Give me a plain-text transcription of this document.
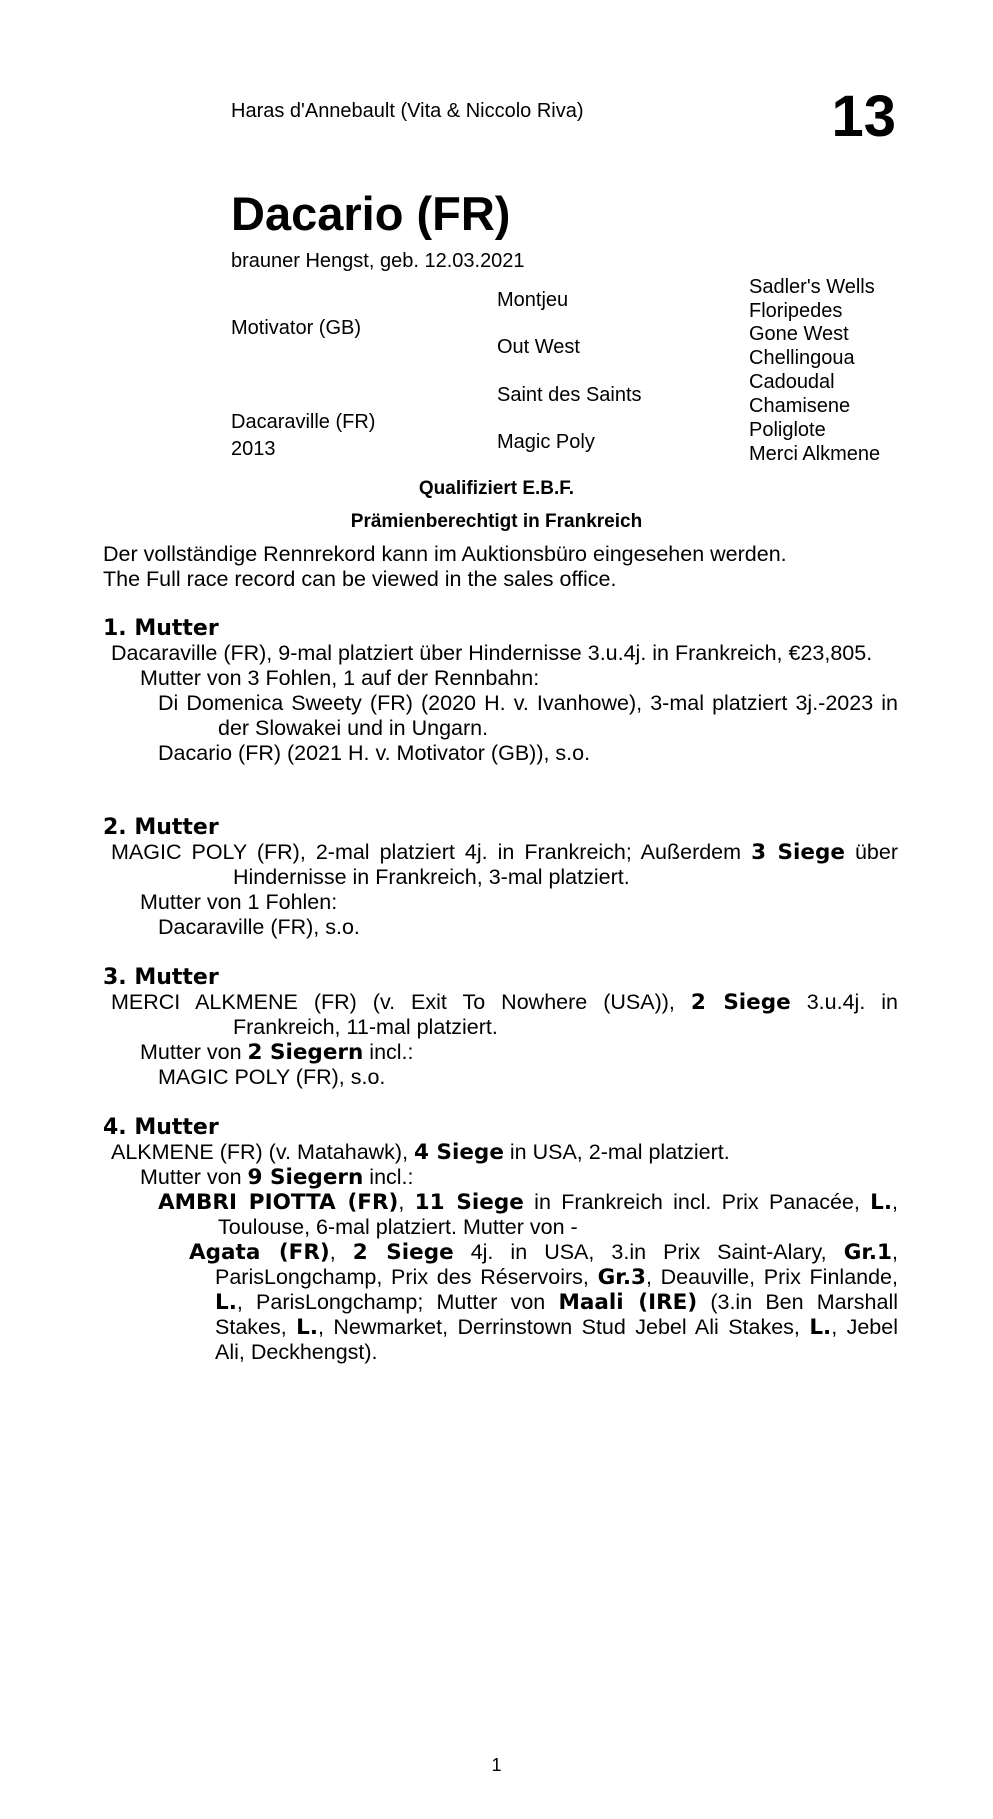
Haras d'Annebault (Vita & Niccolo Riva)	13
Dacario (FR)
brauner Hengst, geb. 12.03.2021
Motivator (GB)
Dacaraville (FR)
2013
Montjeu
Out West
Saint des Saints
Magic Poly
Sadler's Wells
Floripedes
Gone West
Chellingoua
Cadoudal
Chamisene
Poliglote
Merci Alkmene
Qualifiziert E.B.F.
Prämienberechtigt in Frankreich

Der vollständige Rennrekord kann im Auktionsbüro eingesehen werden.

The Full race record can be viewed in the sales office.

1. Mutter

Dacaraville (FR), 9-mal platziert über Hindernisse 3.u.4j. in Frankreich, €23,805.

Mutter von 3 Fohlen, 1 auf der Rennbahn:

Di Domenica Sweety (FR) (2020 H. v. Ivanhowe), 3-mal platziert 3j.-2023 in der Slowakei und in Ungarn.

Dacario (FR) (2021 H. v. Motivator (GB)), s.o.

2. Mutter

MAGIC POLY (FR), 2-mal platziert 4j. in Frankreich; Außerdem 3 Siege über Hindernisse in Frankreich, 3-mal platziert.

Mutter von 1 Fohlen:

Dacaraville (FR), s.o.

3. Mutter

MERCI ALKMENE (FR) (v. Exit To Nowhere (USA)), 2 Siege 3.u.4j. in Frankreich, 11-mal platziert.

Mutter von 2 Siegern incl.:

MAGIC POLY (FR), s.o.

4. Mutter

ALKMENE (FR) (v. Matahawk), 4 Siege in USA, 2-mal platziert.

Mutter von 9 Siegern incl.:

AMBRI PIOTTA (FR), 11 Siege in Frankreich incl. Prix Panacée, L., Toulouse, 6-mal platziert. Mutter von -

Agata (FR), 2 Siege 4j. in USA, 3.in Prix Saint-Alary, Gr.1, ParisLongchamp, Prix des Réservoirs, Gr.3, Deauville, Prix Finlande, L., ParisLongchamp; Mutter von Maali (IRE) (3.in Ben Marshall Stakes, L., Newmarket, Derrinstown Stud Jebel Ali Stakes, L., Jebel Ali, Deckhengst).

1
